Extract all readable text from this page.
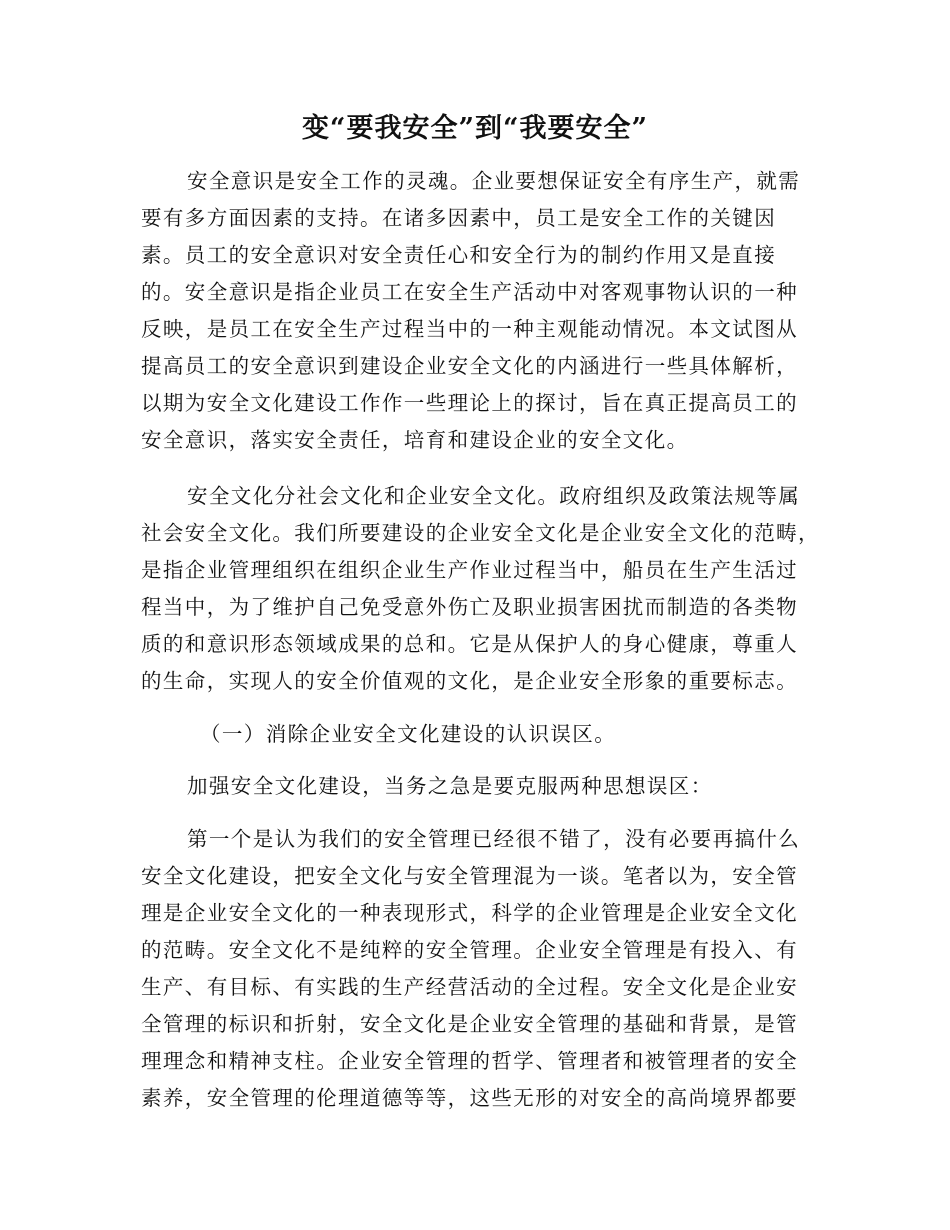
变“要我安全”到“我要安全”
安全意识是安全工作的灵魂。企业要想保证安全有序生产，就需
要有多方面因素的支持。在诸多因素中，员工是安全工作的关键因
素。员工的安全意识对安全责任心和安全行为的制约作用又是直接
的。安全意识是指企业员工在安全生产活动中对客观事物认识的一种
反映，是员工在安全生产过程当中的一种主观能动情况。本文试图从
提高员工的安全意识到建设企业安全文化的内涵进行一些具体解析，
以期为安全文化建设工作作一些理论上的探讨，旨在真正提高员工的
安全意识，落实安全责任，培育和建设企业的安全文化。
安全文化分社会文化和企业安全文化。政府组织及政策法规等属
社会安全文化。我们所要建设的企业安全文化是企业安全文化的范畴，
是指企业管理组织在组织企业生产作业过程当中，船员在生产生活过
程当中，为了维护自己免受意外伤亡及职业损害困扰而制造的各类物
质的和意识形态领域成果的总和。它是从保护人的身心健康，尊重人
的生命，实现人的安全价值观的文化，是企业安全形象的重要标志。
（一）消除企业安全文化建设的认识误区。
加强安全文化建设，当务之急是要克服两种思想误区：
第一个是认为我们的安全管理已经很不错了，没有必要再搞什么
安全文化建设，把安全文化与安全管理混为一谈。笔者以为，安全管
理是企业安全文化的一种表现形式，科学的企业管理是企业安全文化
的范畴。安全文化不是纯粹的安全管理。企业安全管理是有投入、有
生产、有目标、有实践的生产经营活动的全过程。安全文化是企业安
全管理的标识和折射，安全文化是企业安全管理的基础和背景，是管
理理念和精神支柱。企业安全管理的哲学、管理者和被管理者的安全
素养，安全管理的伦理道德等等，这些无形的对安全的高尚境界都要
